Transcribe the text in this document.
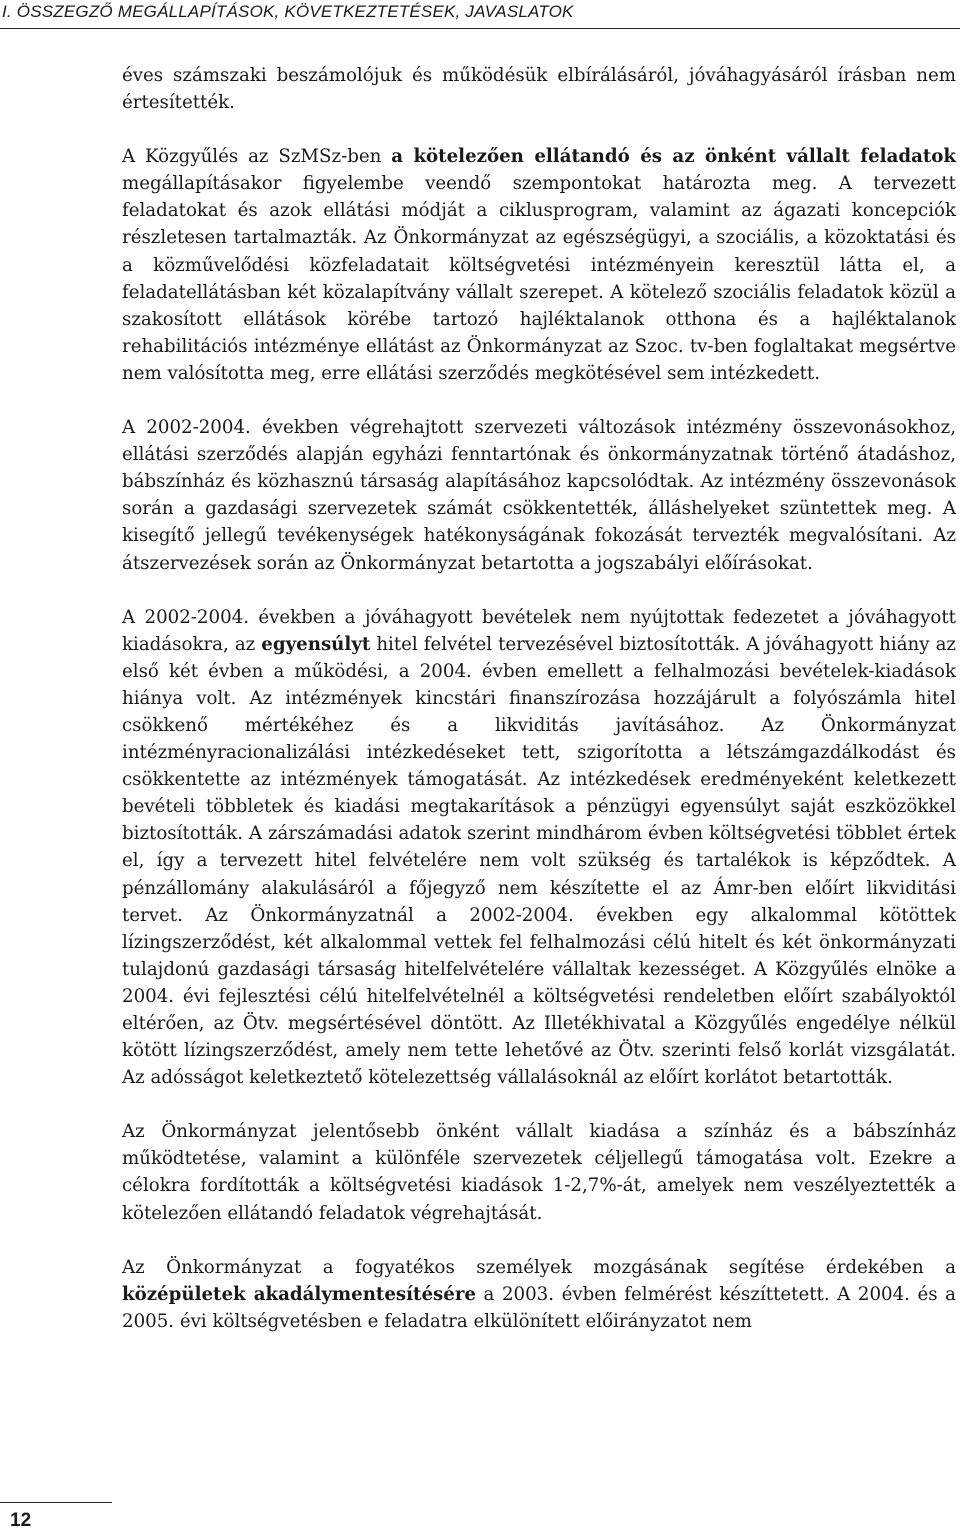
I. ÖSSZEGZŐ MEGÁLLAPÍTÁSOK, KÖVETKEZTETÉSEK, JAVASLATOK

éves számszaki beszámolójuk és működésük elbírálásáról, jóváhagyásáról írásban nem értesítették.

A Közgyűlés az SzMSz-ben a kötelezően ellátandó és az önként vállalt feladatok megállapításakor figyelembe veendő szempontokat határozta meg. A tervezett feladatokat és azok ellátási módját a ciklusprogram, valamint az ágazati koncepciók részletesen tartalmazták. Az Önkormányzat az egészségügyi, a szociális, a közoktatási és a közművelődési közfeladatait költségvetési intézményein keresztül látta el, a feladatellátásban két közalapítvány vállalt szerepet. A kötelező szociális feladatok közül a szakosított ellátások körébe tartozó hajléktalanok otthona és a hajléktalanok rehabilitációs intézménye ellátást az Önkormányzat az Szoc. tv-ben foglaltakat megsértve nem valósította meg, erre ellátási szerződés megkötésével sem intézkedett.

A 2002-2004. években végrehajtott szervezeti változások intézmény összevonásokhoz, ellátási szerződés alapján egyházi fenntartónak és önkormányzatnak történő átadáshoz, bábszínház és közhasznú társaság alapításához kapcsolódtak. Az intézmény összevonások során a gazdasági szervezetek számát csökkentették, álláshelyeket szüntettek meg. A kisegítő jellegű tevékenységek hatékonyságának fokozását tervezték megvalósítani. Az átszervezések során az Önkormányzat betartotta a jogszabályi előírásokat.

A 2002-2004. években a jóváhagyott bevételek nem nyújtottak fedezetet a jóváhagyott kiadásokra, az egyensúlyt hitel felvétel tervezésével biztosították. A jóváhagyott hiány az első két évben a működési, a 2004. évben emellett a felhalmozási bevételek-kiadások hiánya volt. Az intézmények kincstári finanszírozása hozzájárult a folyószámla hitel csökkenő mértékéhez és a likviditás javításához. Az Önkormányzat intézményracionalizálási intézkedéseket tett, szigorította a létszámgazdálkodást és csökkentette az intézmények támogatását. Az intézkedések eredményeként keletkezett bevételi többletek és kiadási megtakarítások a pénzügyi egyensúlyt saját eszközökkel biztosították. A zárszámadási adatok szerint mindhárom évben költségvetési többlet értek el, így a tervezett hitel felvételére nem volt szükség és tartalékok is képződtek. A pénzállomány alakulásáról a főjegyző nem készítette el az Ámr-ben előírt likviditási tervet. Az Önkormányzatnál a 2002-2004. években egy alkalommal kötöttek lízingszerződést, két alkalommal vettek fel felhalmozási célú hitelt és két önkormányzati tulajdonú gazdasági társaság hitelfelvételére vállaltak kezességet. A Közgyűlés elnöke a 2004. évi fejlesztési célú hitelfelvételnél a költségvetési rendeletben előírt szabályoktól eltérően, az Ötv. megsértésével döntött. Az Illetékhivatal a Közgyűlés engedélye nélkül kötött lízingszerződést, amely nem tette lehetővé az Ötv. szerinti felső korlát vizsgálatát. Az adósságot keletkeztető kötelezettség vállalásoknál az előírt korlátot betartották.

Az Önkormányzat jelentősebb önként vállalt kiadása a színház és a bábszínház működtetése, valamint a különféle szervezetek céljellegű támogatása volt. Ezekre a célokra fordították a költségvetési kiadások 1-2,7%-át, amelyek nem veszélyeztették a kötelezően ellátandó feladatok végrehajtását.

Az Önkormányzat a fogyatékos személyek mozgásának segítése érdekében a középületek akadálymentesítésére a 2003. évben felmérést készíttetett. A 2004. és a 2005. évi költségvetésben e feladatra elkülönített előirányzatot nem

12
